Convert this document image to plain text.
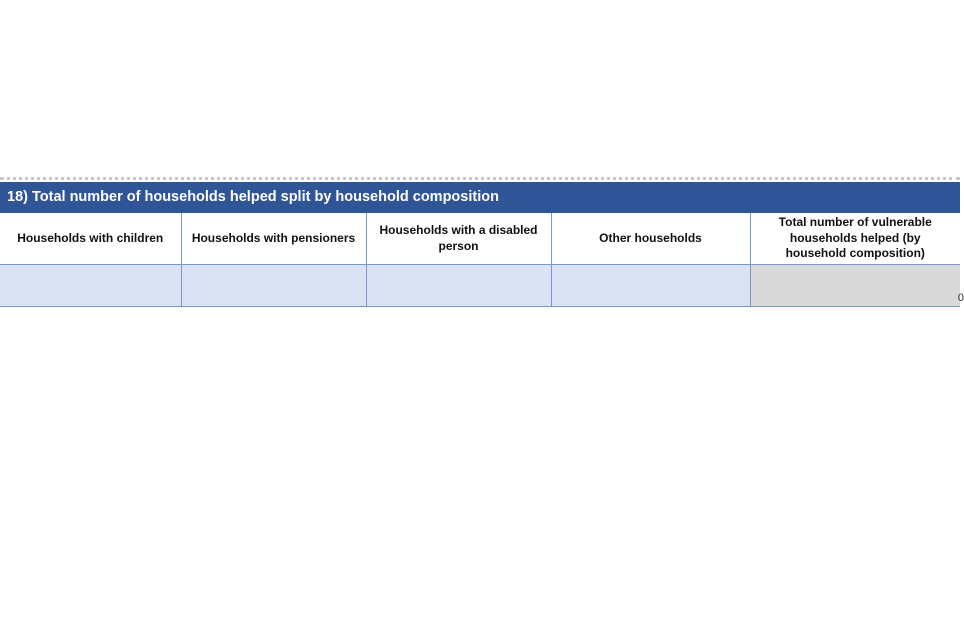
18) Total number of households helped split by household composition
Households with children	Households with pensioners	Households with a disabled person	Other households	Total number of vulnerable households helped (by household composition)

				0
